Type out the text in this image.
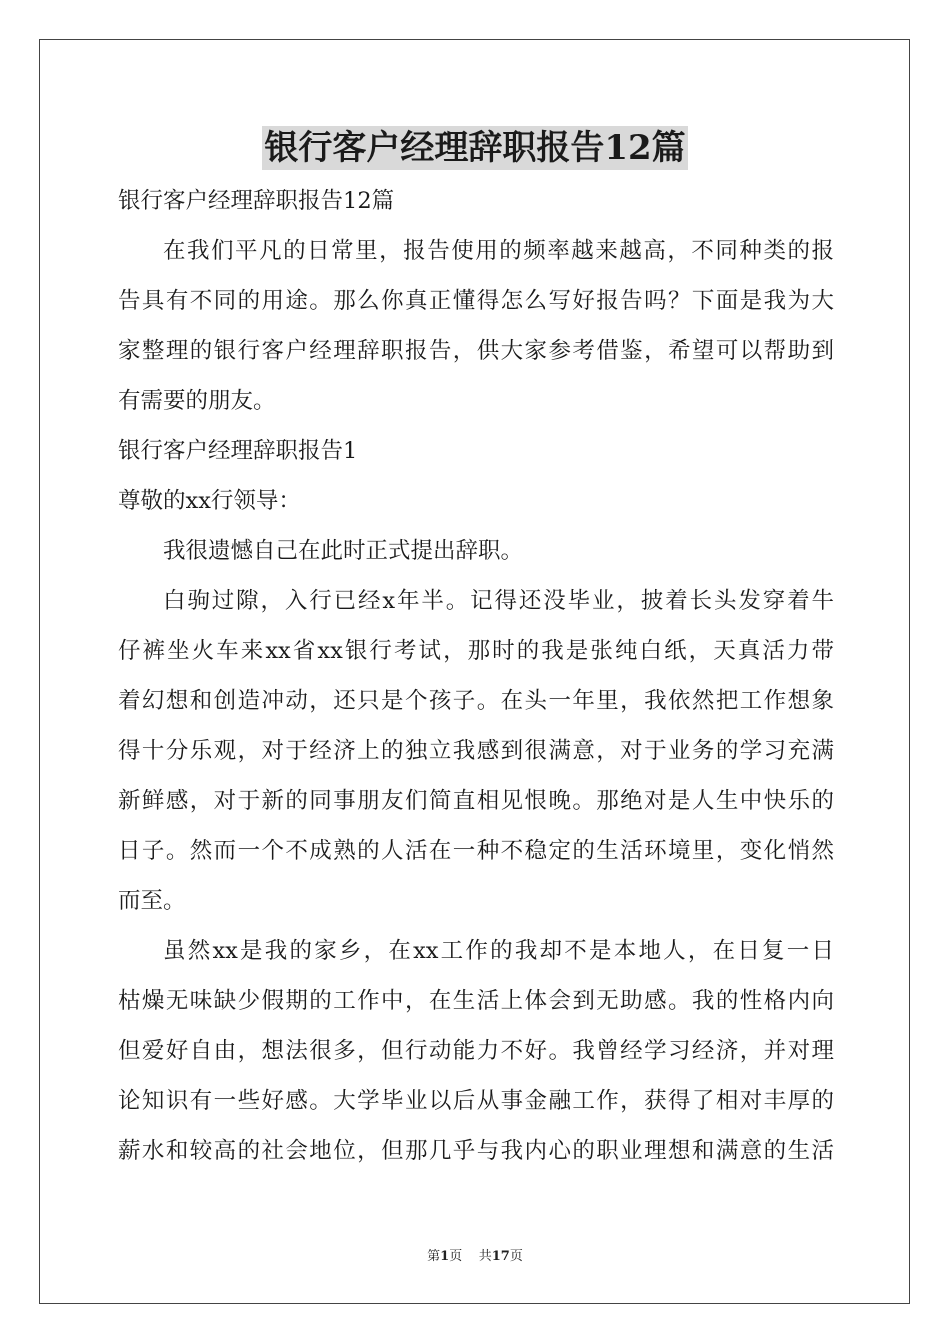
银行客户经理辞职报告12篇
银行客户经理辞职报告12篇
在我们平凡的日常里，报告使用的频率越来越高，不同种类的报
告具有不同的用途。那么你真正懂得怎么写好报告吗？下面是我为大
家整理的银行客户经理辞职报告，供大家参考借鉴，希望可以帮助到
有需要的朋友。
银行客户经理辞职报告1
尊敬的xx行领导：
我很遗憾自己在此时正式提出辞职。
白驹过隙，入行已经x年半。记得还没毕业，披着长头发穿着牛
仔裤坐火车来xx省xx银行考试，那时的我是张纯白纸，天真活力带
着幻想和创造冲动，还只是个孩子。在头一年里，我依然把工作想象
得十分乐观，对于经济上的独立我感到很满意，对于业务的学习充满
新鲜感，对于新的同事朋友们简直相见恨晚。那绝对是人生中快乐的
日子。然而一个不成熟的人活在一种不稳定的生活环境里，变化悄然
而至。
虽然xx是我的家乡，在xx工作的我却不是本地人，在日复一日
枯燥无味缺少假期的工作中，在生活上体会到无助感。我的性格内向
但爱好自由，想法很多，但行动能力不好。我曾经学习经济，并对理
论知识有一些好感。大学毕业以后从事金融工作，获得了相对丰厚的
薪水和较高的社会地位，但那几乎与我内心的职业理想和满意的生活
第1页 共17页
